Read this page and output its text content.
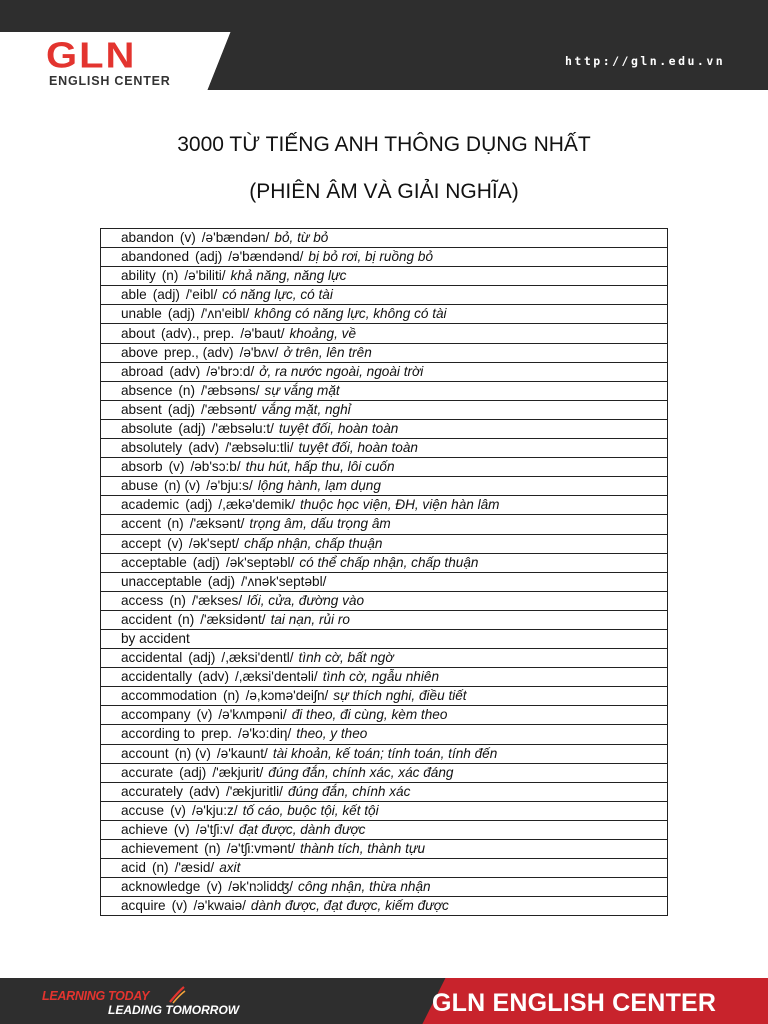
GLN
ENGLISH CENTER
http://gln.edu.vn
3000 TỪ TIẾNG ANH THÔNG DỤNG NHẤT
(PHIÊN ÂM VÀ GIẢI NGHĨA)
abandon (v) /ə'bændən/ bỏ, từ bỏ
abandoned (adj) /ə'bændənd/ bị bỏ rơi, bị ruồng bỏ
ability (n) /ə'biliti/ khả năng, năng lực
able (adj) /'eibl/ có năng lực, có tài
unable (adj) /'ʌn'eibl/ không có năng lực, không có tài
about (adv)., prep. /ə'baut/ khoảng, về
above prep., (adv) /ə'bʌv/ ở trên, lên trên
abroad (adv) /ə'brɔ:d/ ở, ra nước ngoài, ngoài trời
absence (n) /'æbsəns/ sự vắng mặt
absent (adj) /'æbsənt/ vắng mặt, nghỉ
absolute (adj) /'æbsəlu:t/ tuyệt đối, hoàn toàn
absolutely (adv) /'æbsəlu:tli/ tuyệt đối, hoàn toàn
absorb (v) /əb'sɔ:b/ thu hút, hấp thu, lôi cuốn
abuse (n) (v) /ə'bju:s/ lộng hành, lạm dụng
academic (adj) /,ækə'demik/ thuộc học viện, ĐH, viện hàn lâm
accent (n) /'æksənt/ trọng âm, dấu trọng âm
accept (v) /ək'sept/ chấp nhận, chấp thuận
acceptable (adj) /ək'septəbl/ có thể chấp nhận, chấp thuận
unacceptable (adj) /'ʌnək'septəbl/
access (n) /'ækses/ lối, cửa, đường vào
accident (n) /'æksidənt/ tai nạn, rủi ro
by accident
accidental (adj) /,æksi'dentl/ tình cờ, bất ngờ
accidentally (adv) /,æksi'dentəli/ tình cờ, ngẫu nhiên
accommodation (n) /ə,kɔmə'deiʃn/ sự thích nghi, điều tiết
accompany (v) /ə'kʌmpəni/ đi theo, đi cùng, kèm theo
according to prep. /ə'kɔ:diη/ theo, y theo
account (n) (v) /ə'kaunt/ tài khoản, kế toán; tính toán, tính đến
accurate (adj) /'ækjurit/ đúng đắn, chính xác, xác đáng
accurately (adv) /'ækjuritli/ đúng đắn, chính xác
accuse (v) /ə'kju:z/ tố cáo, buộc tội, kết tội
achieve (v) /ə'tʃi:v/ đạt được, dành được
achievement (n) /ə'tʃi:vmənt/ thành tích, thành tựu
acid (n) /'æsid/ axit
acknowledge (v) /ək'nɔlidʤ/ công nhận, thừa nhận
acquire (v) /ə'kwaiə/ dành được, đạt được, kiếm được
LEARNING TODAY
LEADING TOMORROW	GLN ENGLISH CENTER
